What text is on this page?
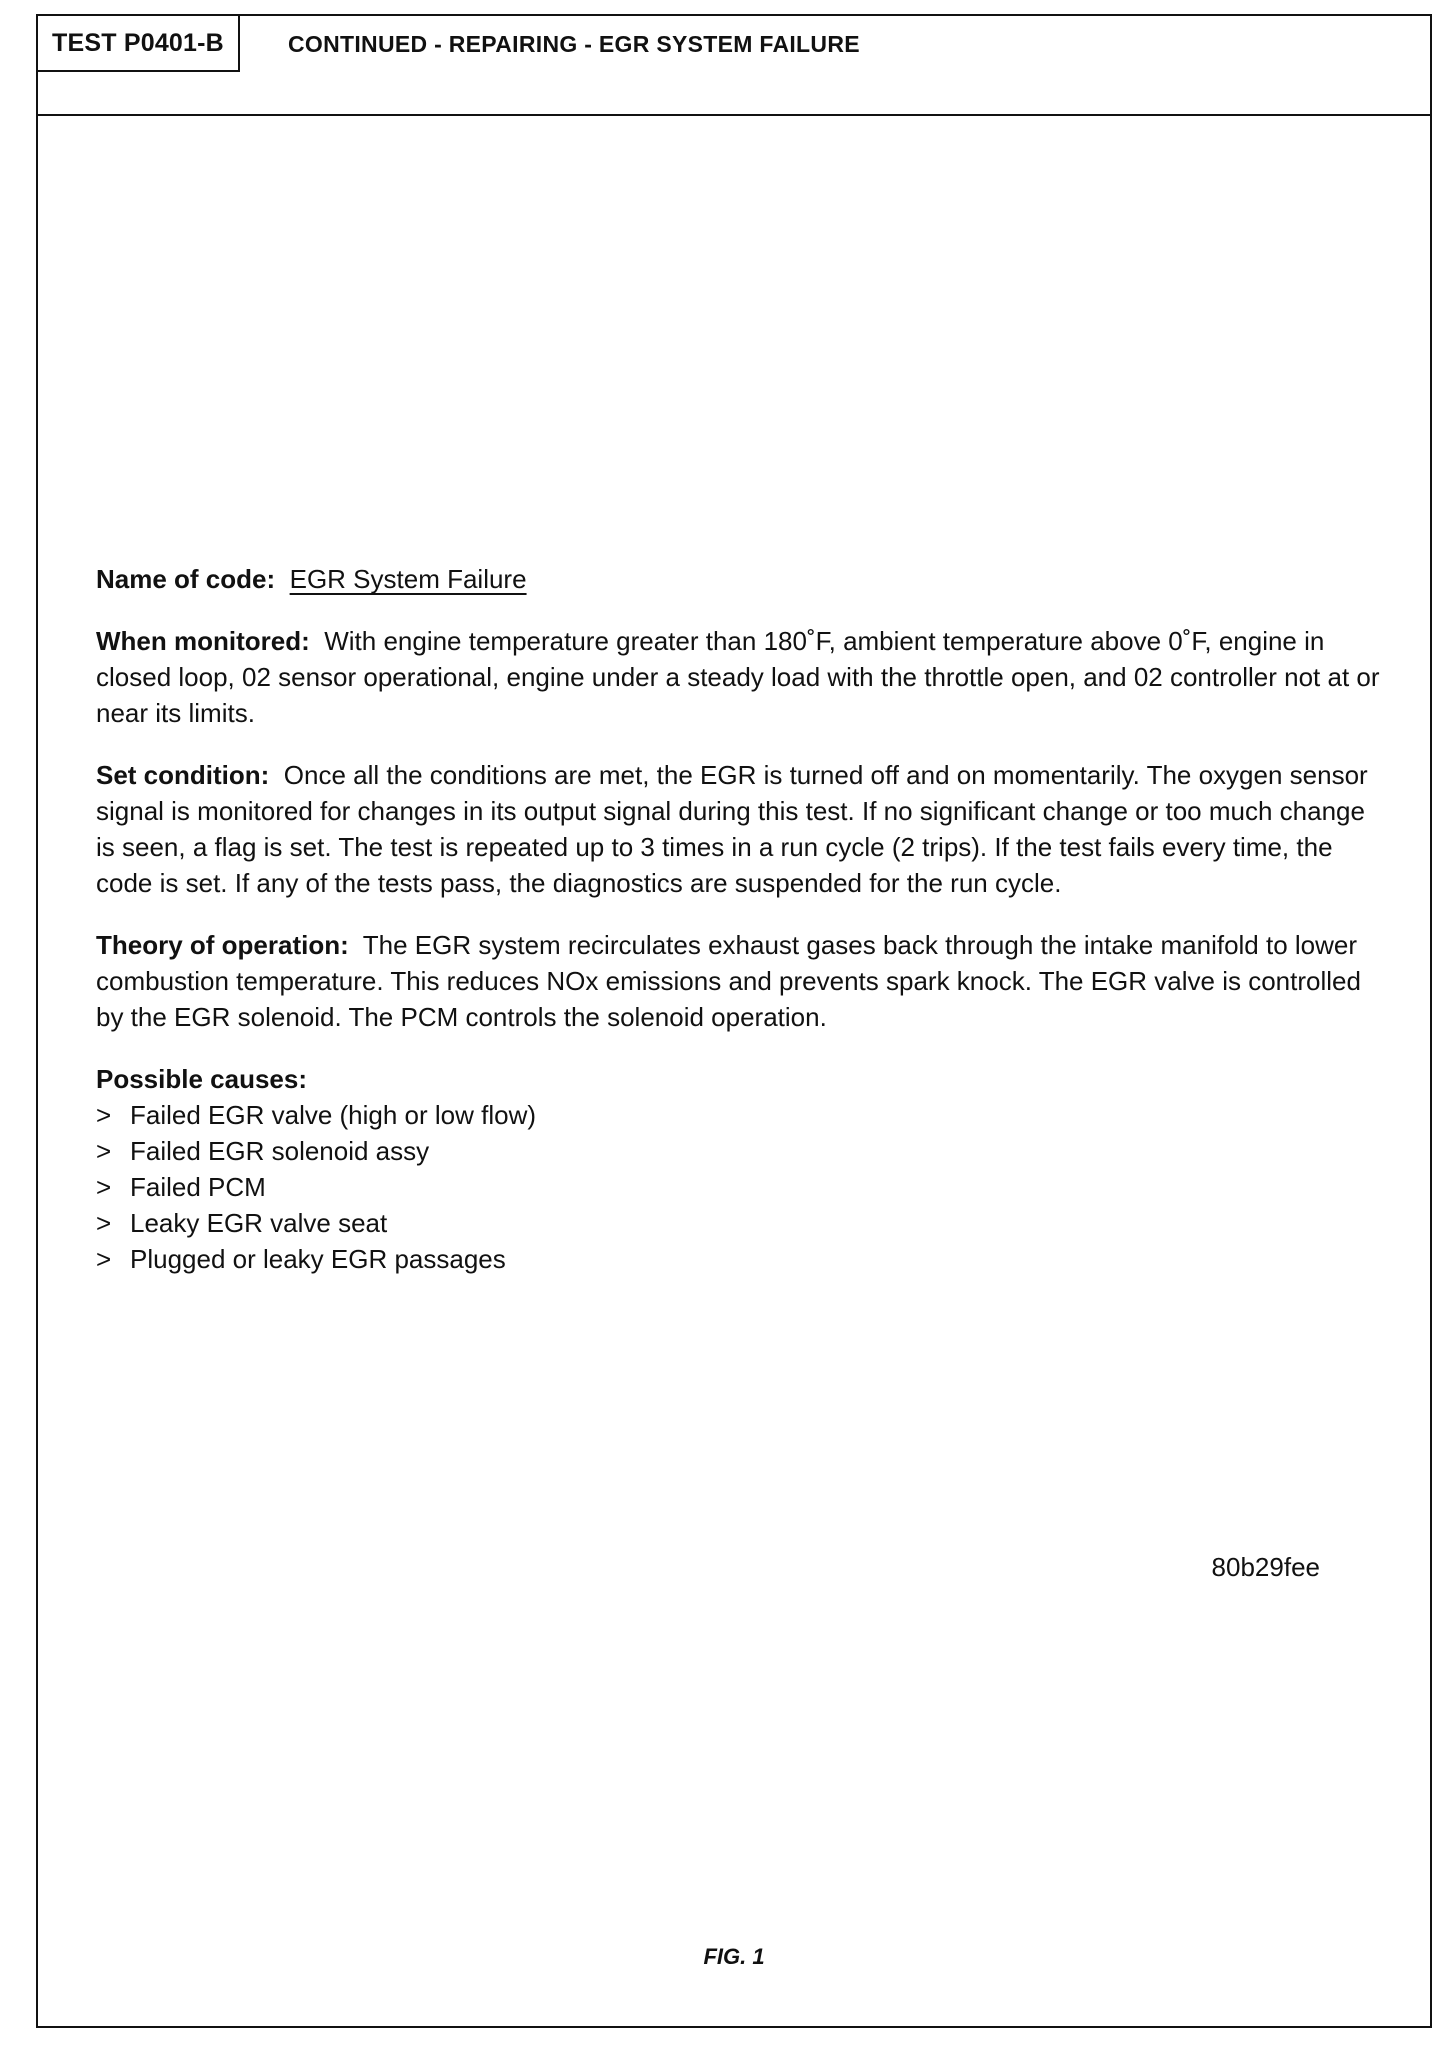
TEST P0401-B	CONTINUED - REPAIRING - EGR SYSTEM FAILURE

Name of code: EGR System Failure

When monitored: With engine temperature greater than 180˚F, ambient temperature above 0˚F, engine in closed loop, 02 sensor operational, engine under a steady load with the throttle open, and 02 controller not at or near its limits.

Set condition: Once all the conditions are met, the EGR is turned off and on momentarily. The oxygen sensor signal is monitored for changes in its output signal during this test. If no significant change or too much change is seen, a flag is set. The test is repeated up to 3 times in a run cycle (2 trips). If the test fails every time, the code is set. If any of the tests pass, the diagnostics are suspended for the run cycle.

Theory of operation: The EGR system recirculates exhaust gases back through the intake manifold to lower combustion temperature. This reduces NOx emissions and prevents spark knock. The EGR valve is controlled by the EGR solenoid. The PCM controls the solenoid operation.

Possible causes:
> Failed EGR valve (high or low flow)
> Failed EGR solenoid assy
> Failed PCM
> Leaky EGR valve seat
> Plugged or leaky EGR passages
80b29fee
FIG. 1
